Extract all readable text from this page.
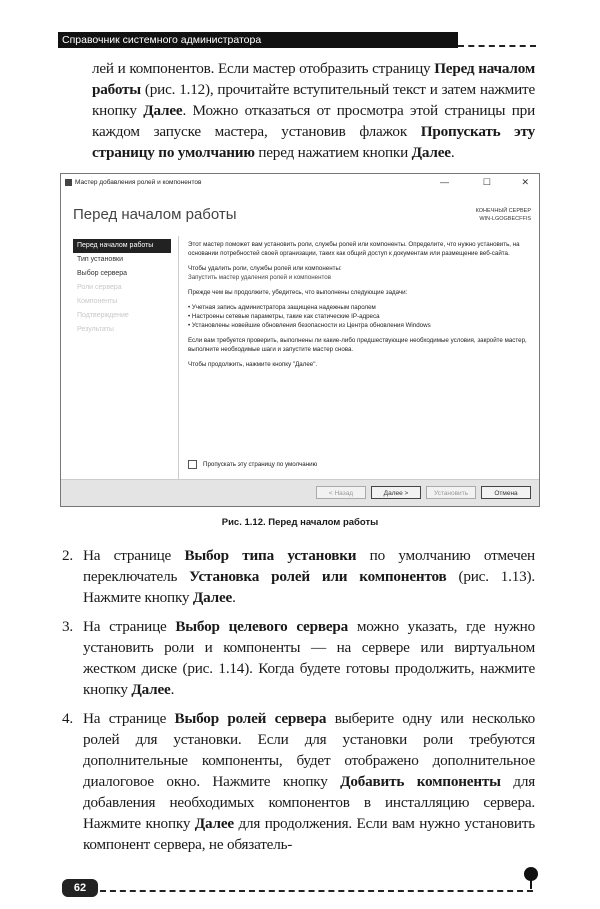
Справочник системного администратора
лей и компонентов. Если мастер отобразить страницу Перед началом работы (рис. 1.12), прочитайте вступительный текст и затем нажмите кнопку Далее. Можно отказаться от просмотра этой страницы при каждом запуске мастера, установив флажок Пропускать эту страницу по умолчанию перед нажатием кнопки Далее.
Мастер добавления ролей и компонентов	—	☐	✕
Перед началом работы	КОНЕЧНЫЙ СЕРВЕР
WIN-LGOGBECFFIS
Перед началом работы
Тип установки
Выбор сервера
Роли сервера
Компоненты
Подтверждение
Результаты

Этот мастер поможет вам установить роли, службы ролей или компоненты. Определите, что нужно установить, на основании потребностей своей организации, таких как общий доступ к документам или размещение веб-сайта.

Чтобы удалить роли, службы ролей или компоненты:

Запустить мастер удаления ролей и компонентов

Прежде чем вы продолжите, убедитесь, что выполнены следующие задачи:

• Учетная запись администратора защищена надежным паролем
• Настроены сетевые параметры, такие как статические IP-адреса
• Установлены новейшие обновления безопасности из Центра обновления Windows

Если вам требуется проверить, выполнены ли какие-либо предшествующие необходимые условия, закройте мастер, выполните необходимые шаги и запустите мастер снова.

Чтобы продолжить, нажмите кнопку "Далее".

Пропускать эту страницу по умолчанию
< Назад	Далее >	Установить	Отмена
Рис. 1.12. Перед началом работы
2. На странице Выбор типа установки по умолчанию отмечен переключатель Установка ролей или компонентов (рис. 1.13). Нажмите кнопку Далее.
3. На странице Выбор целевого сервера можно указать, где нужно установить роли и компоненты — на сервере или виртуальном жестком диске (рис. 1.14). Когда будете готовы продолжить, нажмите кнопку Далее.
4. На странице Выбор ролей сервера выберите одну или несколько ролей для установки. Если для установки роли требуются дополнительные компоненты, будет отображено дополнительное диалоговое окно. Нажмите кнопку Добавить компоненты для добавления необходимых компонентов в инсталляцию сервера. Нажмите кнопку Далее для продолжения. Если вам нужно установить компонент сервера, не обязатель-
62
